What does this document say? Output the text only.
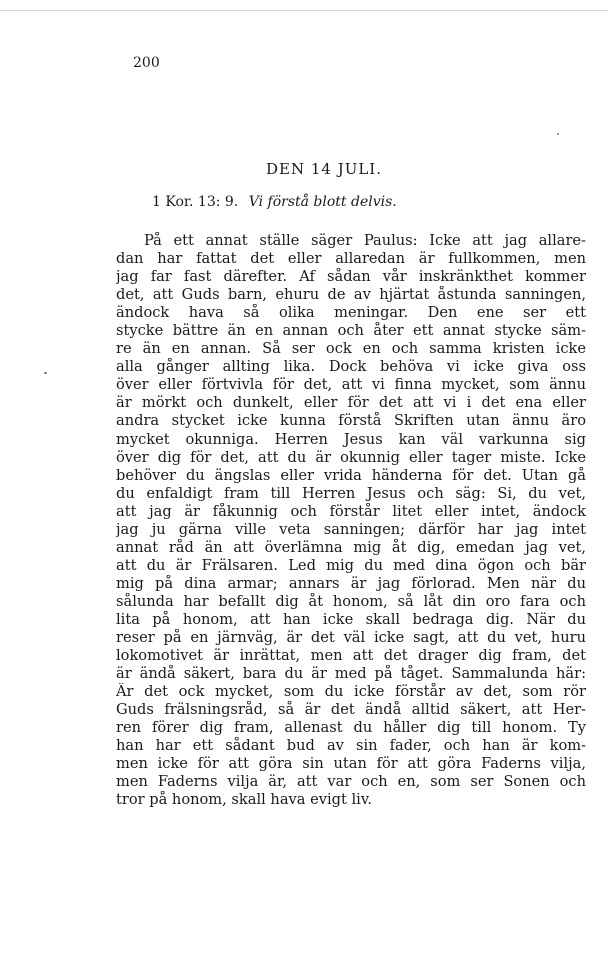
200
DEN 14 JULI.
1 Kor. 13: 9. Vi förstå blott delvis.
På ett annat ställe säger Paulus: Icke att jag allare-
dan har fattat det eller allaredan är fullkommen, men
jag far fast därefter. Af sådan vår inskränkthet kommer
det, att Guds barn, ehuru de av hjärtat åstunda sanningen,
ändock hava så olika meningar. Den ene ser ett
stycke bättre än en annan och åter ett annat stycke säm-
re än en annan. Så ser ock en och samma kristen icke
alla gånger allting lika. Dock behöva vi icke giva oss
över eller förtvivla för det, att vi finna mycket, som ännu
är mörkt och dunkelt, eller för det att vi i det ena eller
andra stycket icke kunna förstå Skriften utan ännu äro
mycket okunniga. Herren Jesus kan väl varkunna sig
över dig för det, att du är okunnig eller tager miste. Icke
behöver du ängslas eller vrida händerna för det. Utan gå
du enfaldigt fram till Herren Jesus och säg: Si, du vet,
att jag är fåkunnig och förstår litet eller intet, ändock
jag ju gärna ville veta sanningen; därför har jag intet
annat råd än att överlämna mig åt dig, emedan jag vet,
att du är Frälsaren. Led mig du med dina ögon och bär
mig på dina armar; annars är jag förlorad. Men när du
sålunda har befallt dig åt honom, så låt din oro fara och
lita på honom, att han icke skall bedraga dig. När du
reser på en järnväg, är det väl icke sagt, att du vet, huru
lokomotivet är inrättat, men att det drager dig fram, det
är ändå säkert, bara du är med på tåget. Sammalunda här:
Är det ock mycket, som du icke förstår av det, som rör
Guds frälsningsråd, så är det ändå alltid säkert, att Her-
ren förer dig fram, allenast du håller dig till honom. Ty
han har ett sådant bud av sin fader, och han är kom-
men icke för att göra sin utan för att göra Faderns vilja,
men Faderns vilja är, att var och en, som ser Sonen och
tror på honom, skall hava evigt liv.
